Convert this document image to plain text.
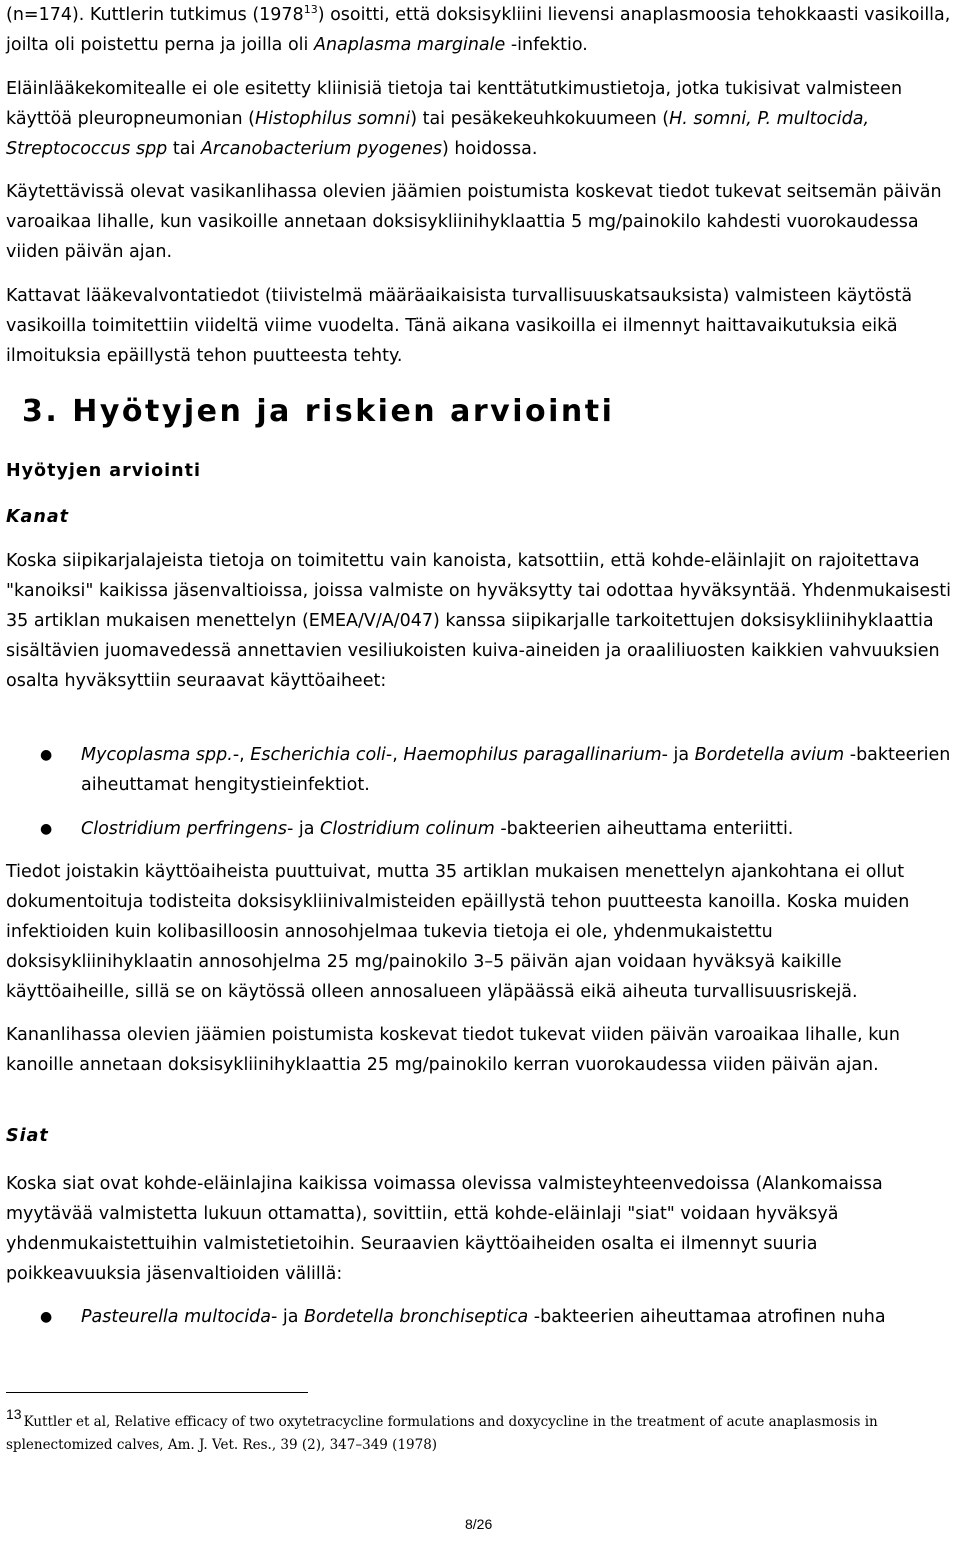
(n=174). Kuttlerin tutkimus (1978$^{13}$) osoitti, että doksisykliini lievensi anaplasmoosia tehokkaasti vasikoilla, joilta oli poistettu perna ja joilla oli Anaplasma marginale -infektio.

Eläinlääkekomitealle ei ole esitetty kliinisiä tietoja tai kenttätutkimustietoja, jotka tukisivat valmisteen käyttöä pleuropneumonian (Histophilus somni) tai pesäkekeuhkokuumeen (H. somni, P. multocida, Streptococcus spp tai Arcanobacterium pyogenes) hoidossa.

Käytettävissä olevat vasikanlihassa olevien jäämien poistumista koskevat tiedot tukevat seitsemän päivän varoaikaa lihalle, kun vasikoille annetaan doksisykliinihyklaattia 5 mg/painokilo kahdesti vuorokaudessa viiden päivän ajan.

Kattavat lääkevalvontatiedot (tiivistelmä määräaikaisista turvallisuuskatsauksista) valmisteen käytöstä vasikoilla toimitettiin viideltä viime vuodelta. Tänä aikana vasikoilla ei ilmennyt haittavaikutuksia eikä ilmoituksia epäillystä tehon puutteesta tehty.

3. Hyötyjen ja riskien arviointi
Hyötyjen arviointi
Kanat

Koska siipikarjalajeista tietoja on toimitettu vain kanoista, katsottiin, että kohde-eläinlajit on rajoitettava "kanoiksi" kaikissa jäsenvaltioissa, joissa valmiste on hyväksytty tai odottaa hyväksyntää. Yhdenmukaisesti 35 artiklan mukaisen menettelyn (EMEA/V/A/047) kanssa siipikarjalle tarkoitettujen doksisykliinihyklaattia sisältävien juomavedessä annettavien vesiliukoisten kuiva-aineiden ja oraaliliuosten kaikkien vahvuuksien osalta hyväksyttiin seuraavat käyttöaiheet:

● Mycoplasma spp.-, Escherichia coli-, Haemophilus paragallinarium- ja Bordetella avium -bakteerien aiheuttamat hengitystieinfektiot.
● Clostridium perfringens- ja Clostridium colinum -bakteerien aiheuttama enteriitti.

Tiedot joistakin käyttöaiheista puuttuivat, mutta 35 artiklan mukaisen menettelyn ajankohtana ei ollut dokumentoituja todisteita doksisykliinivalmisteiden epäillystä tehon puutteesta kanoilla. Koska muiden infektioiden kuin kolibasilloosin annosohjelmaa tukevia tietoja ei ole, yhdenmukaistettu doksisykliinihyklaatin annosohjelma 25 mg/painokilo 3–5 päivän ajan voidaan hyväksyä kaikille käyttöaiheille, sillä se on käytössä olleen annosalueen yläpäässä eikä aiheuta turvallisuusriskejä.

Kananlihassa olevien jäämien poistumista koskevat tiedot tukevat viiden päivän varoaikaa lihalle, kun kanoille annetaan doksisykliinihyklaattia 25 mg/painokilo kerran vuorokaudessa viiden päivän ajan.

Siat

Koska siat ovat kohde-eläinlajina kaikissa voimassa olevissa valmisteyhteenvedoissa (Alankomaissa myytävää valmistetta lukuun ottamatta), sovittiin, että kohde-eläinlaji "siat" voidaan hyväksyä yhdenmukaistettuihin valmistetietoihin. Seuraavien käyttöaiheiden osalta ei ilmennyt suuria poikkeavuuksia jäsenvaltioiden välillä:

● Pasteurella multocida- ja Bordetella bronchiseptica -bakteerien aiheuttamaa atrofinen nuha
13 Kuttler et al, Relative efficacy of two oxytetracycline formulations and doxycycline in the treatment of acute anaplasmosis in splenectomized calves, Am. J. Vet. Res., 39 (2), 347–349 (1978)
8/26
